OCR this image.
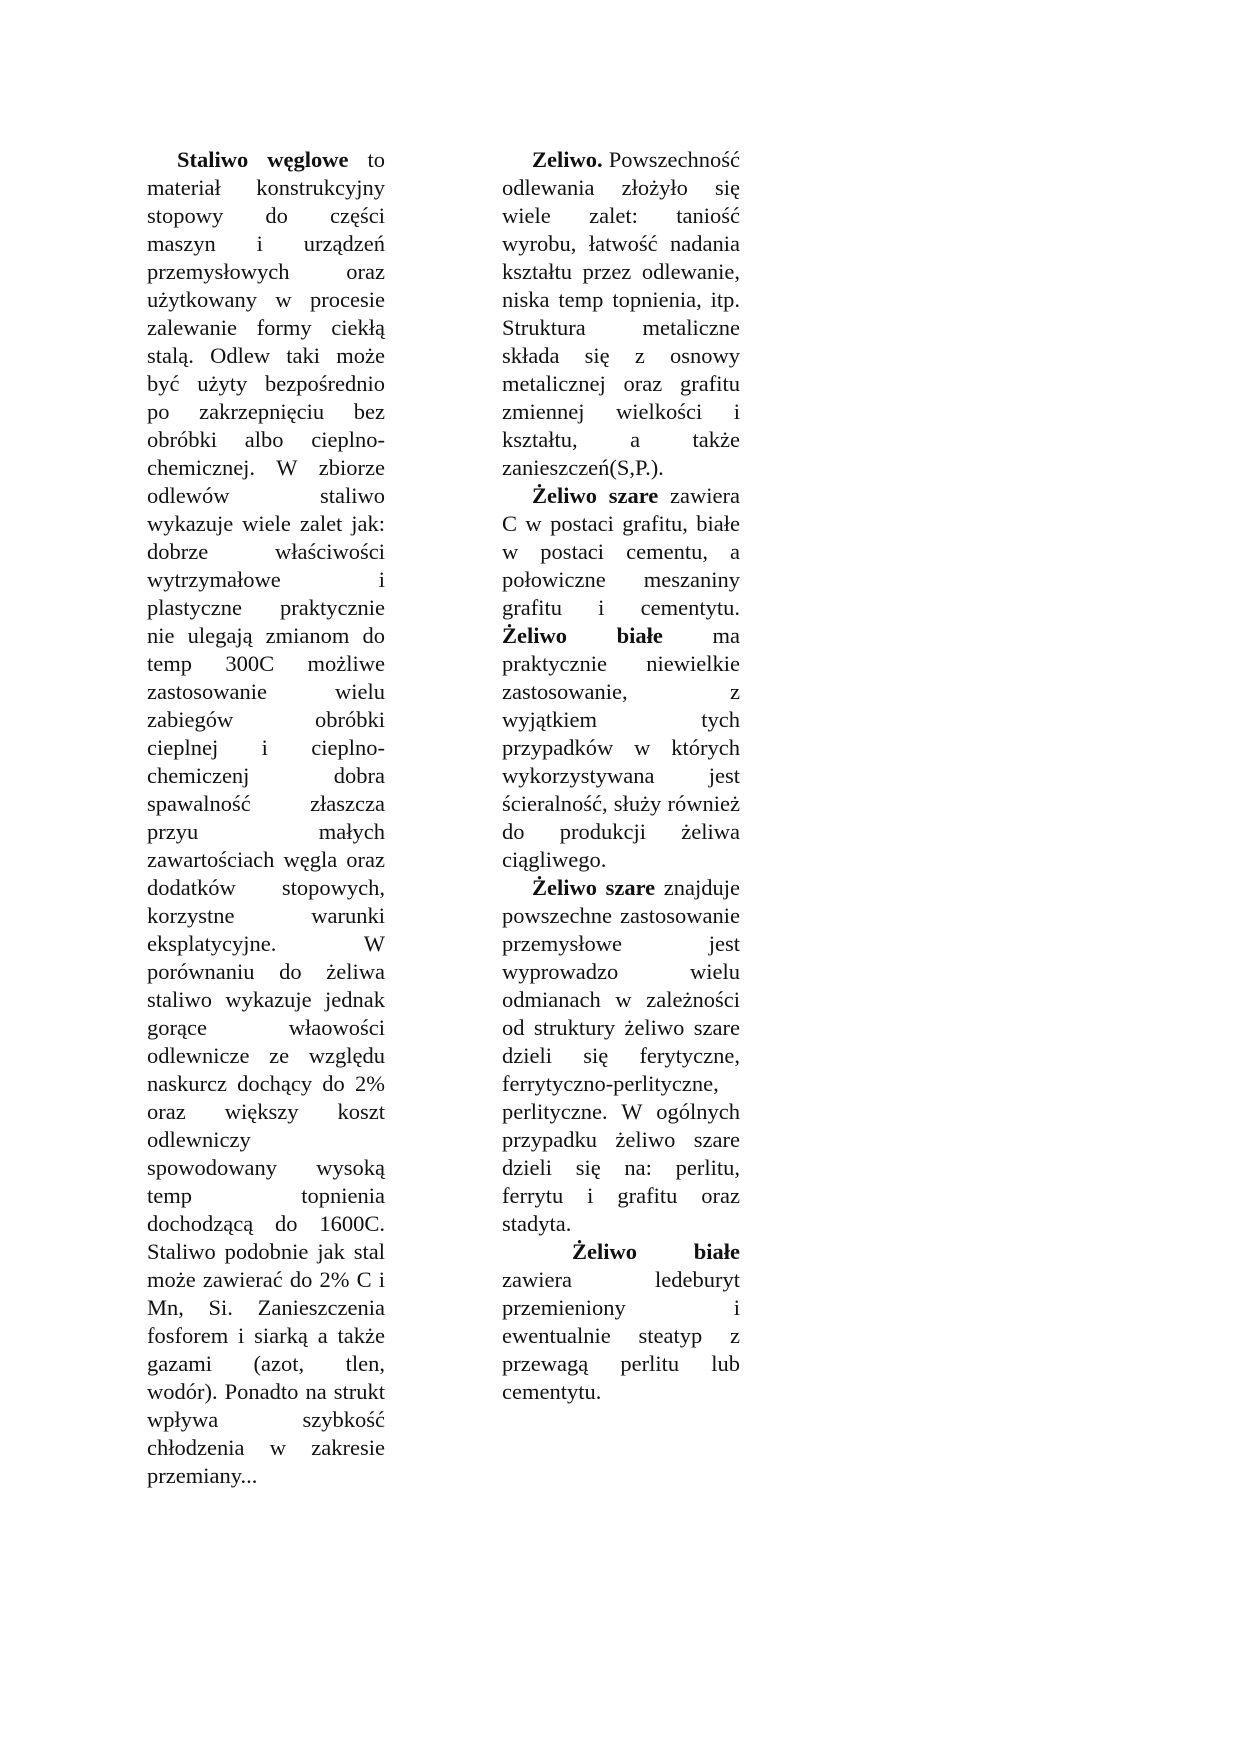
Staliwo węglowe to materiał konstrukcyjny stopowy do części maszyn i urządzeń przemysłowych oraz użytkowany w procesie zalewanie formy ciekłą stalą. Odlew taki może być użyty bezpośrednio po zakrzepnięciu bez obróbki albo cieplno-chemicznej. W zbiorze odlewów staliwo wykazuje wiele zalet jak: dobrze właściwości wytrzymałowe i plastyczne praktycznie nie ulegają zmianom do temp 300C możliwe zastosowanie wielu zabiegów obróbki cieplnej i cieplno-chemiczenj dobra spawalność złaszcza przyu małych zawartościach węgla oraz dodatków stopowych, korzystne warunki eksplatycyjne. W porównaniu do żeliwa staliwo wykazuje jednak gorące właowości odlewnicze ze względu naskurcz dochący do 2% oraz większy koszt odlewniczy spowodowany wysoką temp topnienia dochodzącą do 1600C. Staliwo podobnie jak stal może zawierać do 2% C i Mn, Si. Zanieszczenia fosforem i siarką a także gazami (azot, tlen, wodór). Ponadto na strukt wpływa szybkość chłodzenia w zakresie przemiany...

Zeliwo. Powszechność odlewania złożyło się wiele zalet: taniość wyrobu, łatwość nadania kształtu przez odlewanie, niska temp topnienia, itp. Struktura metaliczne składa się z osnowy metalicznej oraz grafitu zmiennej wielkości i kształtu, a także zanieszczeń(S,P.).

Żeliwo szare zawiera C w postaci grafitu, białe w postaci cementu, a połowiczne meszaniny grafitu i cementytu. Żeliwo białe ma praktycznie niewielkie zastosowanie, z wyjątkiem tych przypadków w których wykorzystywana jest ścieralność, służy również do produkcji żeliwa ciągliwego.

Żeliwo szare znajduje powszechne zastosowanie przemysłowe jest wyprowadzo wielu odmianach w zależności od struktury żeliwo szare dzieli się ferytyczne, ferrytyczno-perlityczne, perlityczne. W ogólnych przypadku żeliwo szare dzieli się na: perlitu, ferrytu i grafitu oraz stadyta.

Żeliwo białe zawiera ledeburyt przemieniony i ewentualnie steatyp z przewagą perlitu lub cementytu.
